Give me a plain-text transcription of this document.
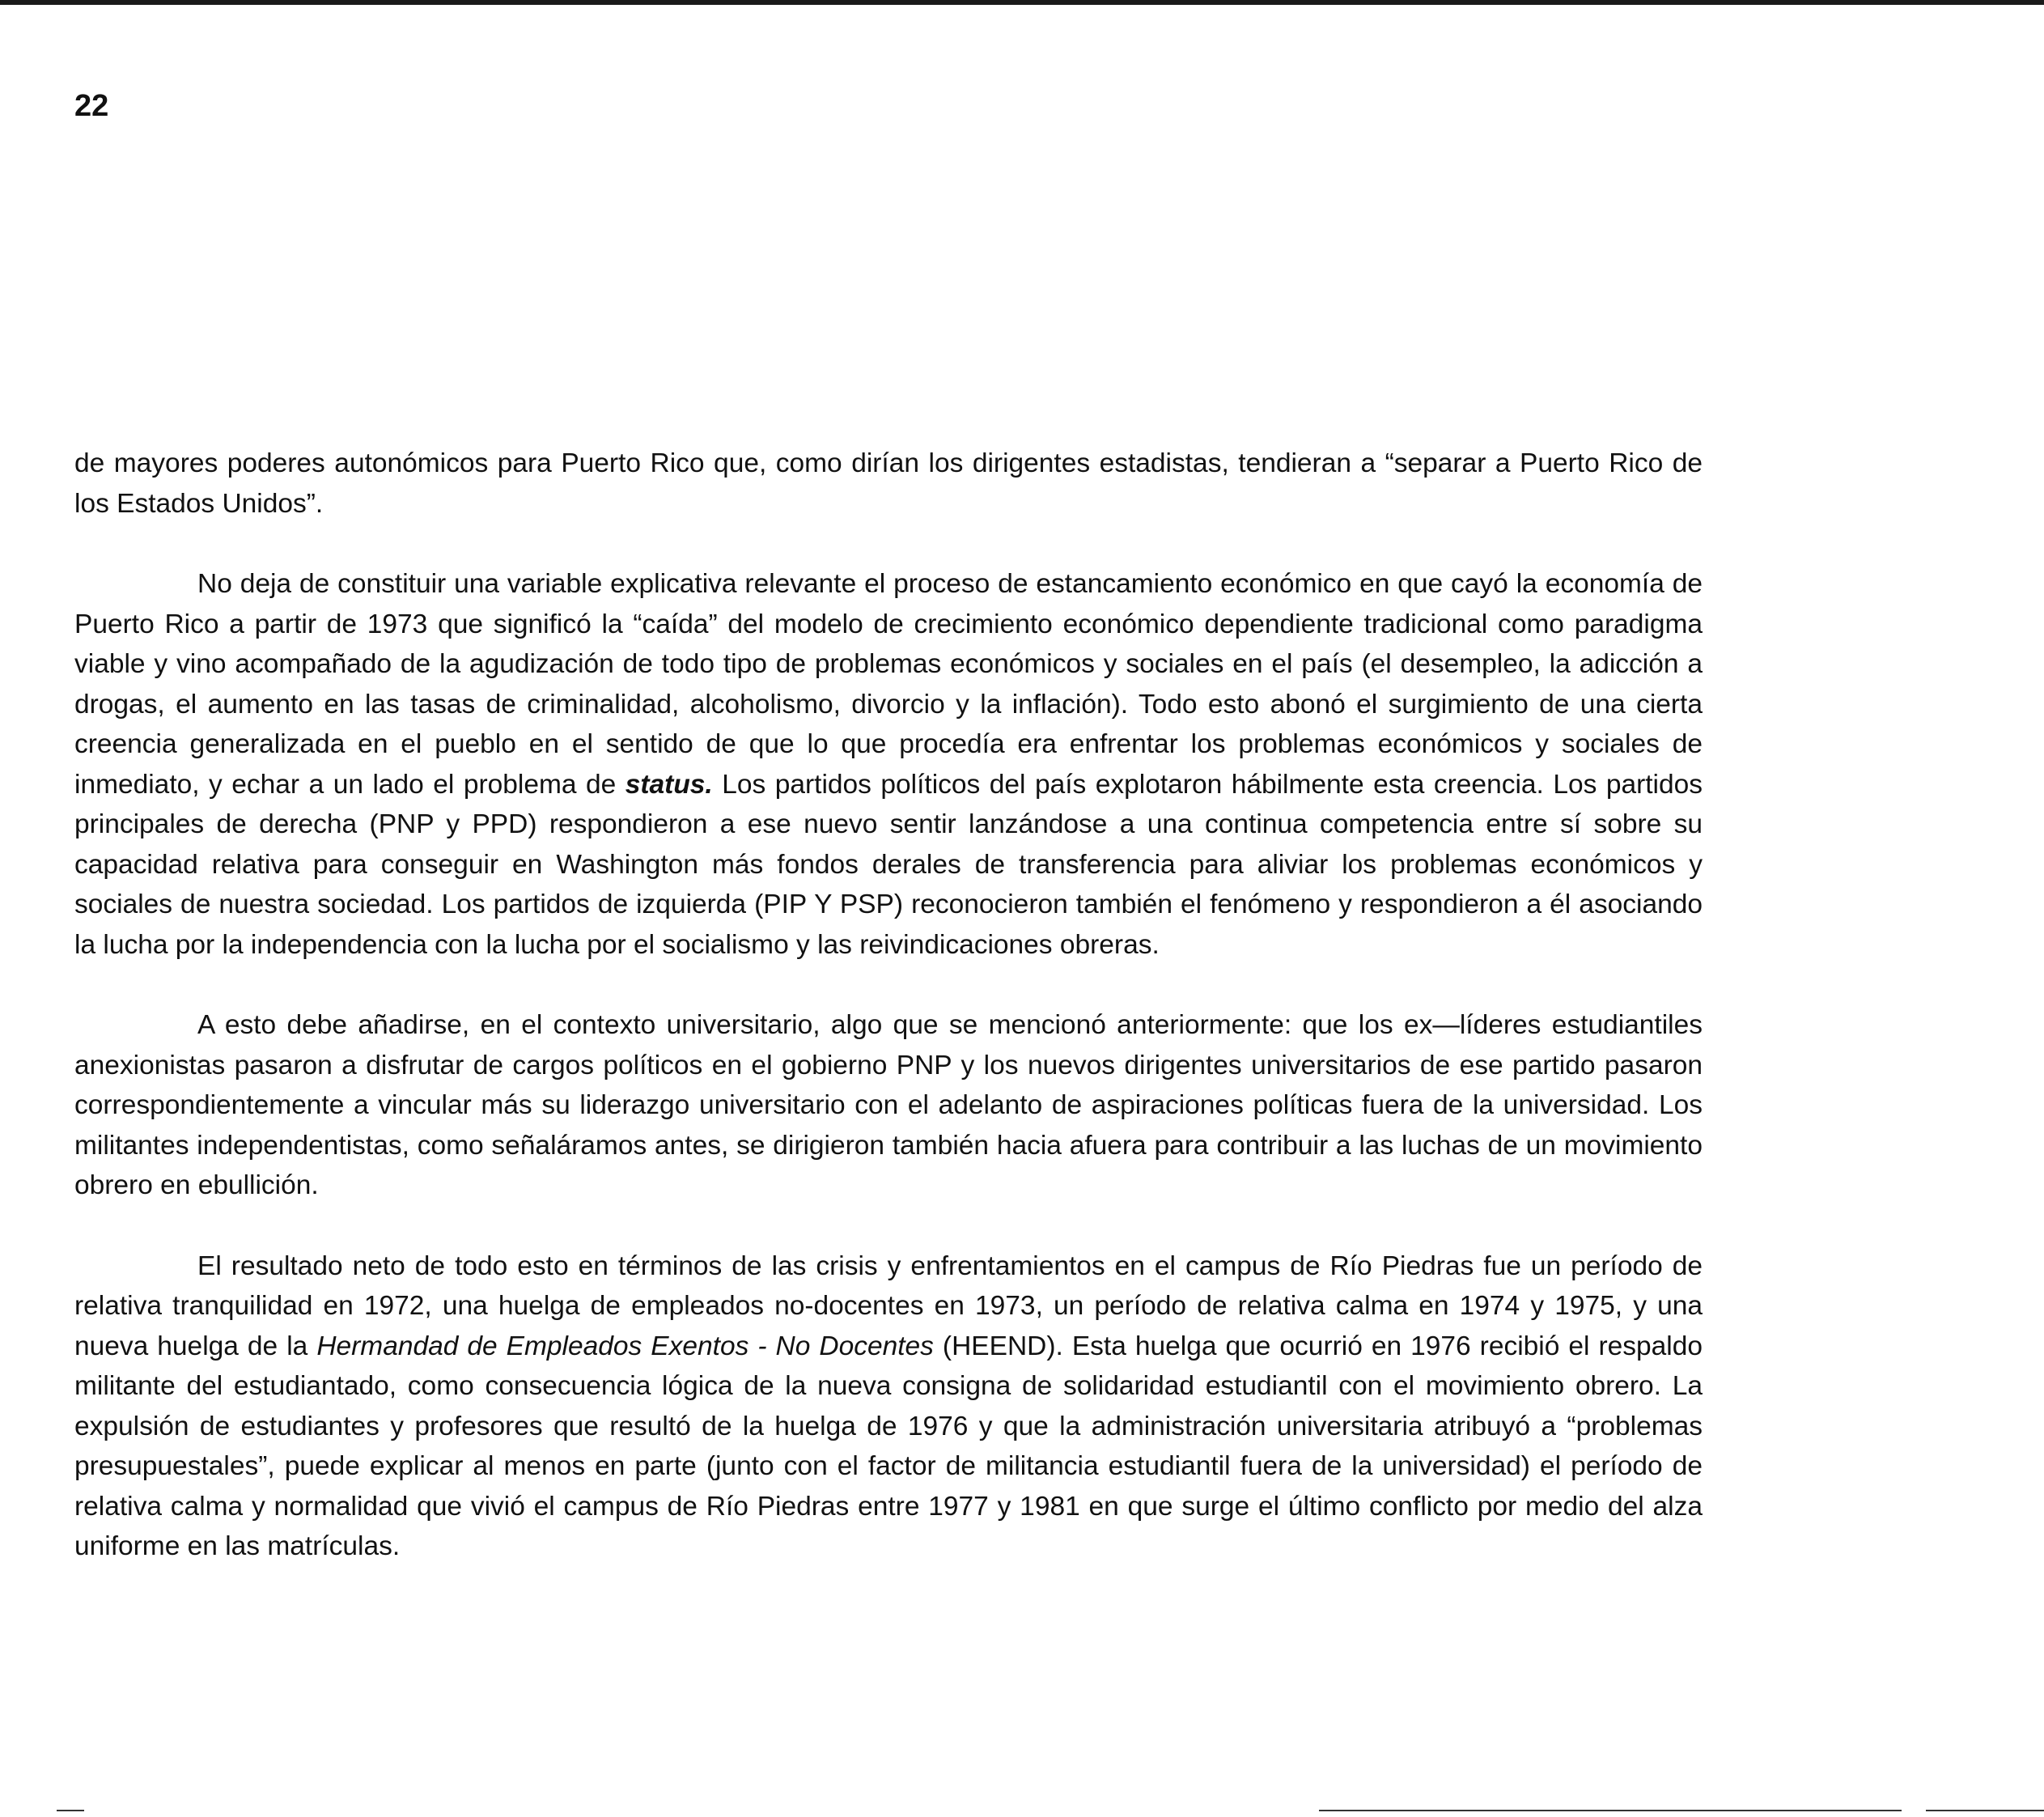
22

de mayores poderes autonómicos para Puerto Rico que, como dirían los dirigentes estadistas, tendieran a “separar a Puerto Rico de los Estados Unidos”.

No deja de constituir una variable explicativa relevante el proceso de estancamiento económico en que cayó la economía de Puerto Rico a partir de 1973 que significó la “caída” del modelo de crecimiento económico dependiente tradicional como paradigma viable y vino acompañado de la agudización de todo tipo de problemas económicos y sociales en el país (el desempleo, la adicción a drogas, el aumento en las tasas de criminalidad, alcoholismo, divorcio y la inflación). Todo esto abonó el surgimiento de una cierta creencia generalizada en el pueblo en el sentido de que lo que procedía era enfrentar los problemas económicos y sociales de inmediato, y echar a un lado el problema de status. Los partidos políticos del país explotaron hábilmente esta creencia. Los partidos principales de derecha (PNP y PPD) respondieron a ese nuevo sentir lanzándose a una continua competencia entre sí sobre su capacidad relativa para conseguir en Washington más fondos derales de transferencia para aliviar los problemas económicos y sociales de nuestra sociedad. Los partidos de izquierda (PIP Y PSP) reconocieron también el fenómeno y respondieron a él asociando la lucha por la independencia con la lucha por el socialismo y las reivindicaciones obreras.

A esto debe añadirse, en el contexto universitario, algo que se mencionó anteriormente: que los ex—líderes estudiantiles anexionistas pasaron a disfrutar de cargos políticos en el gobierno PNP y los nuevos dirigentes universitarios de ese partido pasaron correspondientemente a vincular más su liderazgo universitario con el adelanto de aspiraciones políticas fuera de la universidad. Los militantes independentistas, como señaláramos antes, se dirigieron también hacia afuera para contribuir a las luchas de un movimiento obrero en ebullición.

El resultado neto de todo esto en términos de las crisis y enfrentamientos en el campus de Río Piedras fue un período de relativa tranquilidad en 1972, una huelga de empleados no-docentes en 1973, un período de relativa calma en 1974 y 1975, y una nueva huelga de la Hermandad de Empleados Exentos - No Docentes (HEEND). Esta huelga que ocurrió en 1976 recibió el respaldo militante del estudiantado, como consecuencia lógica de la nueva consigna de solidaridad estudiantil con el movimiento obrero. La expulsión de estudiantes y profesores que resultó de la huelga de 1976 y que la administración universitaria atribuyó a “problemas presupuestales”, puede explicar al menos en parte (junto con el factor de militancia estudiantil fuera de la universidad) el período de relativa calma y normalidad que vivió el campus de Río Piedras entre 1977 y 1981 en que surge el último conflicto por medio del alza uniforme en las matrículas.
